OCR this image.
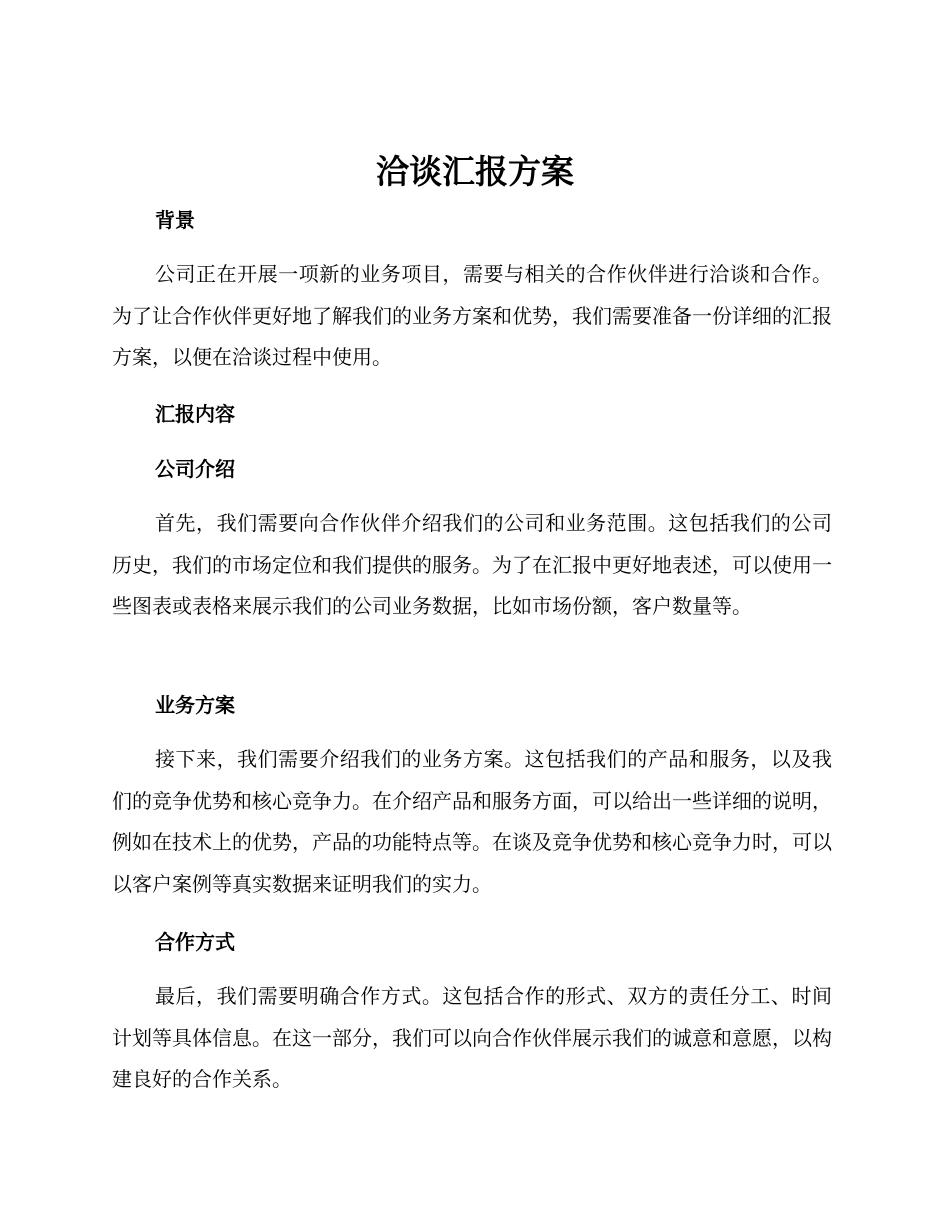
洽谈汇报方案
背景

公司正在开展一项新的业务项目，需要与相关的合作伙伴进行洽谈和合作。为了让合作伙伴更好地了解我们的业务方案和优势，我们需要准备一份详细的汇报方案，以便在洽谈过程中使用。

汇报内容
公司介绍

首先，我们需要向合作伙伴介绍我们的公司和业务范围。这包括我们的公司历史，我们的市场定位和我们提供的服务。为了在汇报中更好地表述，可以使用一些图表或表格来展示我们的公司业务数据，比如市场份额，客户数量等。

业务方案

接下来，我们需要介绍我们的业务方案。这包括我们的产品和服务，以及我们的竞争优势和核心竞争力。在介绍产品和服务方面，可以给出一些详细的说明，例如在技术上的优势，产品的功能特点等。在谈及竞争优势和核心竞争力时，可以以客户案例等真实数据来证明我们的实力。

合作方式

最后，我们需要明确合作方式。这包括合作的形式、双方的责任分工、时间计划等具体信息。在这一部分，我们可以向合作伙伴展示我们的诚意和意愿，以构建良好的合作关系。
